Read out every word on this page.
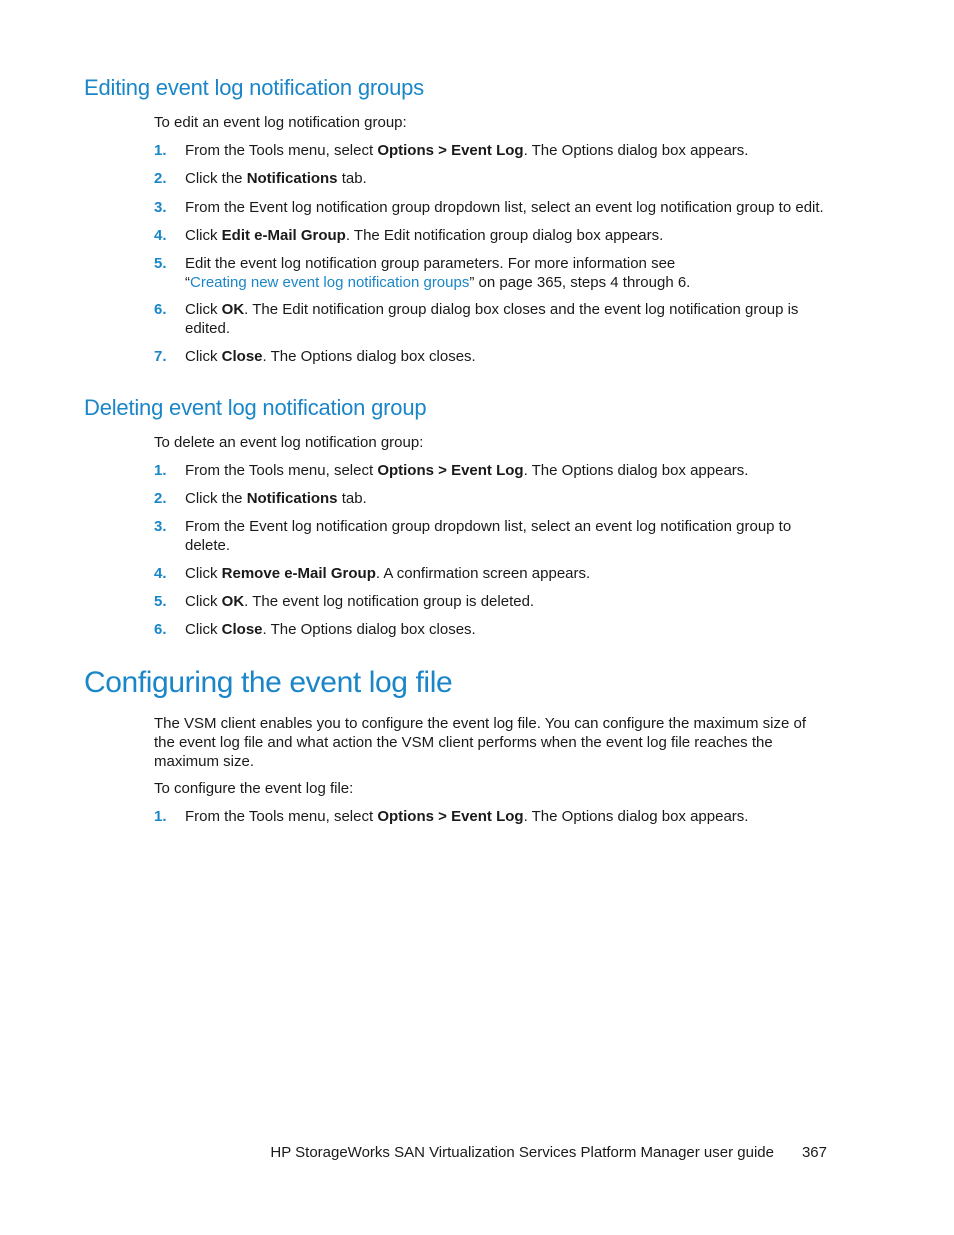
Editing event log notification groups

To edit an event log notification group:

1.	From the Tools menu, select Options > Event Log. The Options dialog box appears.
2.	Click the Notifications tab.
3.	From the Event log notification group dropdown list, select an event log notification group to edit.
4.	Click Edit e-Mail Group. The Edit notification group dialog box appears.
5.	Edit the event log notification group parameters. For more information see
“Creating new event log notification groups” on page 365, steps 4 through 6.
6.	Click OK. The Edit notification group dialog box closes and the event log notification group is edited.
7.	Click Close. The Options dialog box closes.
Deleting event log notification group

To delete an event log notification group:

1.	From the Tools menu, select Options > Event Log. The Options dialog box appears.
2.	Click the Notifications tab.
3.	From the Event log notification group dropdown list, select an event log notification group to delete.
4.	Click Remove e-Mail Group. A confirmation screen appears.
5.	Click OK. The event log notification group is deleted.
6.	Click Close. The Options dialog box closes.
Configuring the event log file

The VSM client enables you to configure the event log file. You can configure the maximum size of the event log file and what action the VSM client performs when the event log file reaches the maximum size.

To configure the event log file:

1.	From the Tools menu, select Options > Event Log. The Options dialog box appears.
HP StorageWorks SAN Virtualization Services Platform Manager user guide 367
